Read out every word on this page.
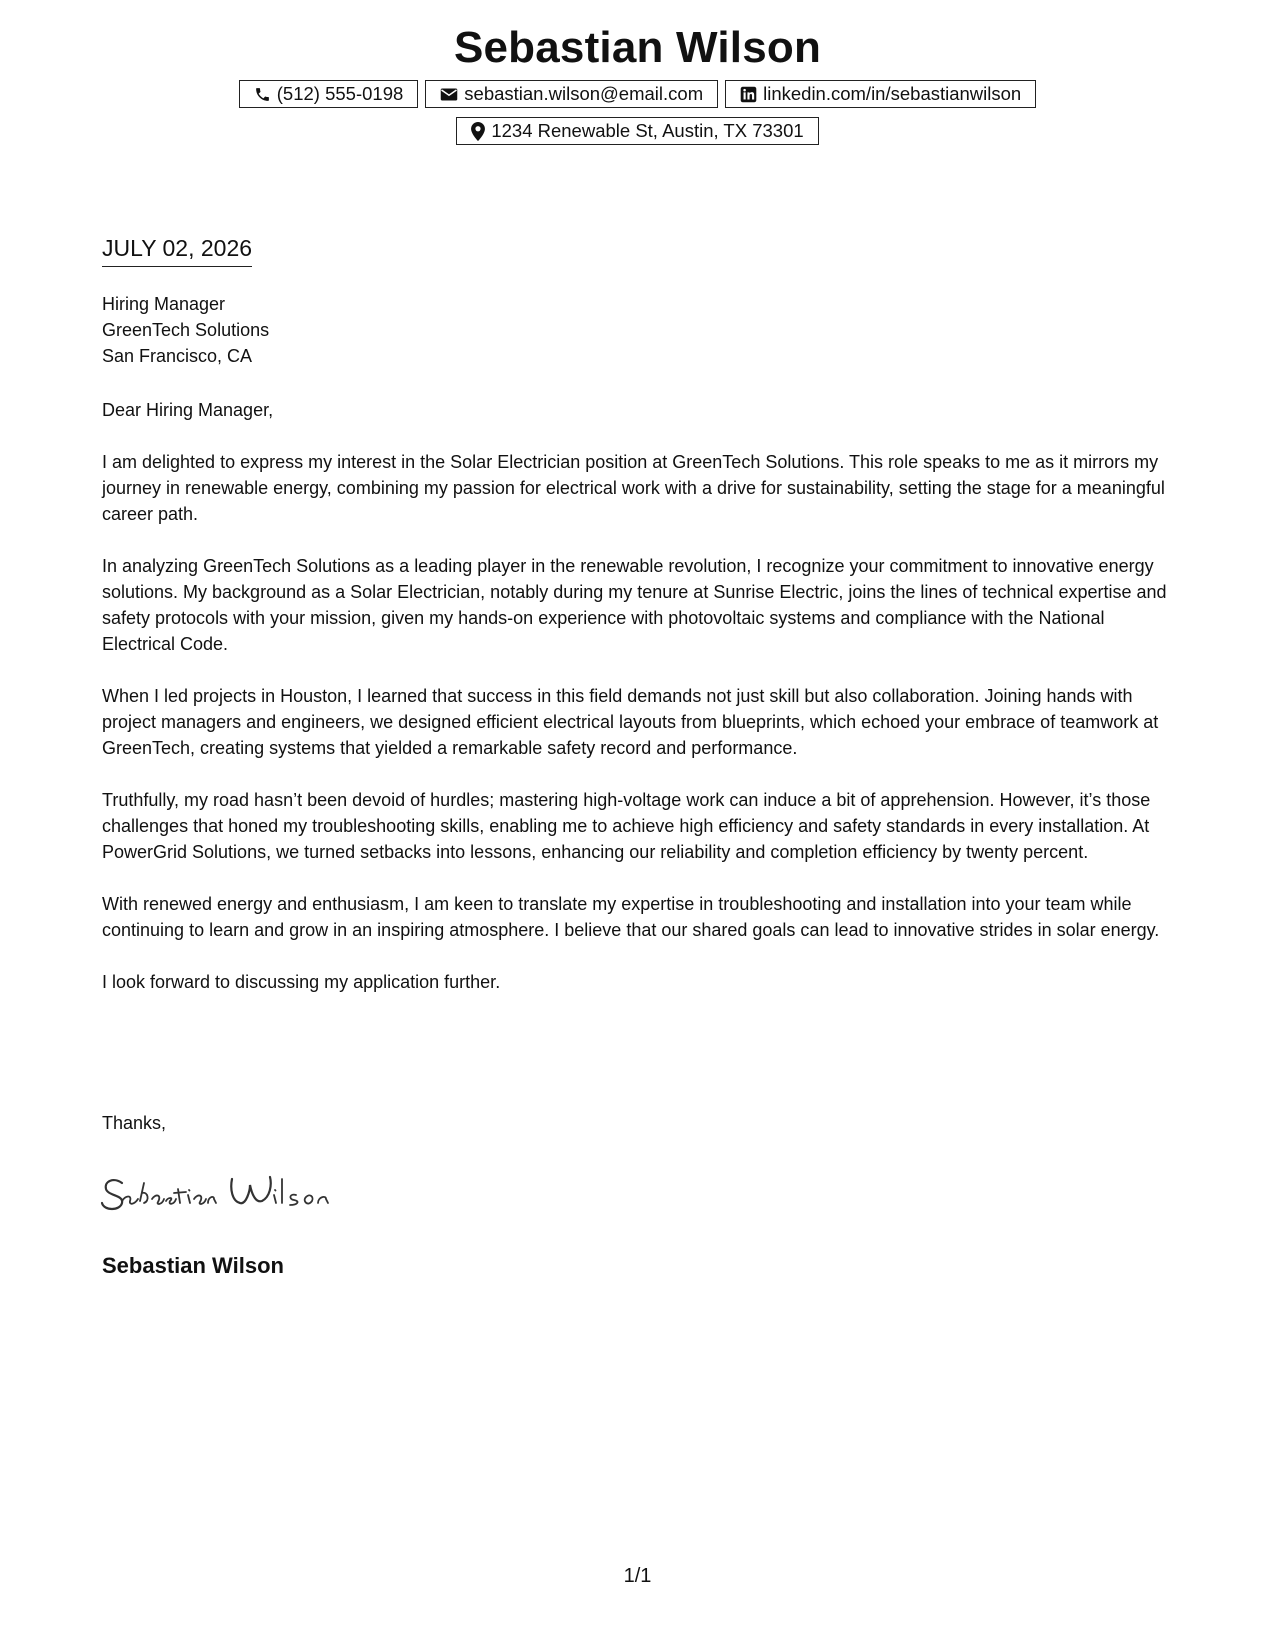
Sebastian Wilson
(512) 555-0198	sebastian.wilson@email.com	linkedin.com/in/sebastianwilson
1234 Renewable St, Austin, TX 73301
JULY 02, 2026
Hiring Manager
GreenTech Solutions
San Francisco, CA

Dear Hiring Manager,

I am delighted to express my interest in the Solar Electrician position at GreenTech Solutions. This role speaks to me as it mirrors my journey in renewable energy, combining my passion for electrical work with a drive for sustainability, setting the stage for a meaningful career path.

In analyzing GreenTech Solutions as a leading player in the renewable revolution, I recognize your commitment to innovative energy solutions. My background as a Solar Electrician, notably during my tenure at Sunrise Electric, joins the lines of technical expertise and safety protocols with your mission, given my hands-on experience with photovoltaic systems and compliance with the National Electrical Code.

When I led projects in Houston, I learned that success in this field demands not just skill but also collaboration. Joining hands with project managers and engineers, we designed efficient electrical layouts from blueprints, which echoed your embrace of teamwork at GreenTech, creating systems that yielded a remarkable safety record and performance.

Truthfully, my road hasn’t been devoid of hurdles; mastering high-voltage work can induce a bit of apprehension. However, it’s those challenges that honed my troubleshooting skills, enabling me to achieve high efficiency and safety standards in every installation. At PowerGrid Solutions, we turned setbacks into lessons, enhancing our reliability and completion efficiency by twenty percent.

With renewed energy and enthusiasm, I am keen to translate my expertise in troubleshooting and installation into your team while continuing to learn and grow in an inspiring atmosphere. I believe that our shared goals can lead to innovative strides in solar energy.

I look forward to discussing my application further.

Thanks,
Sebastian Wilson
1/1
